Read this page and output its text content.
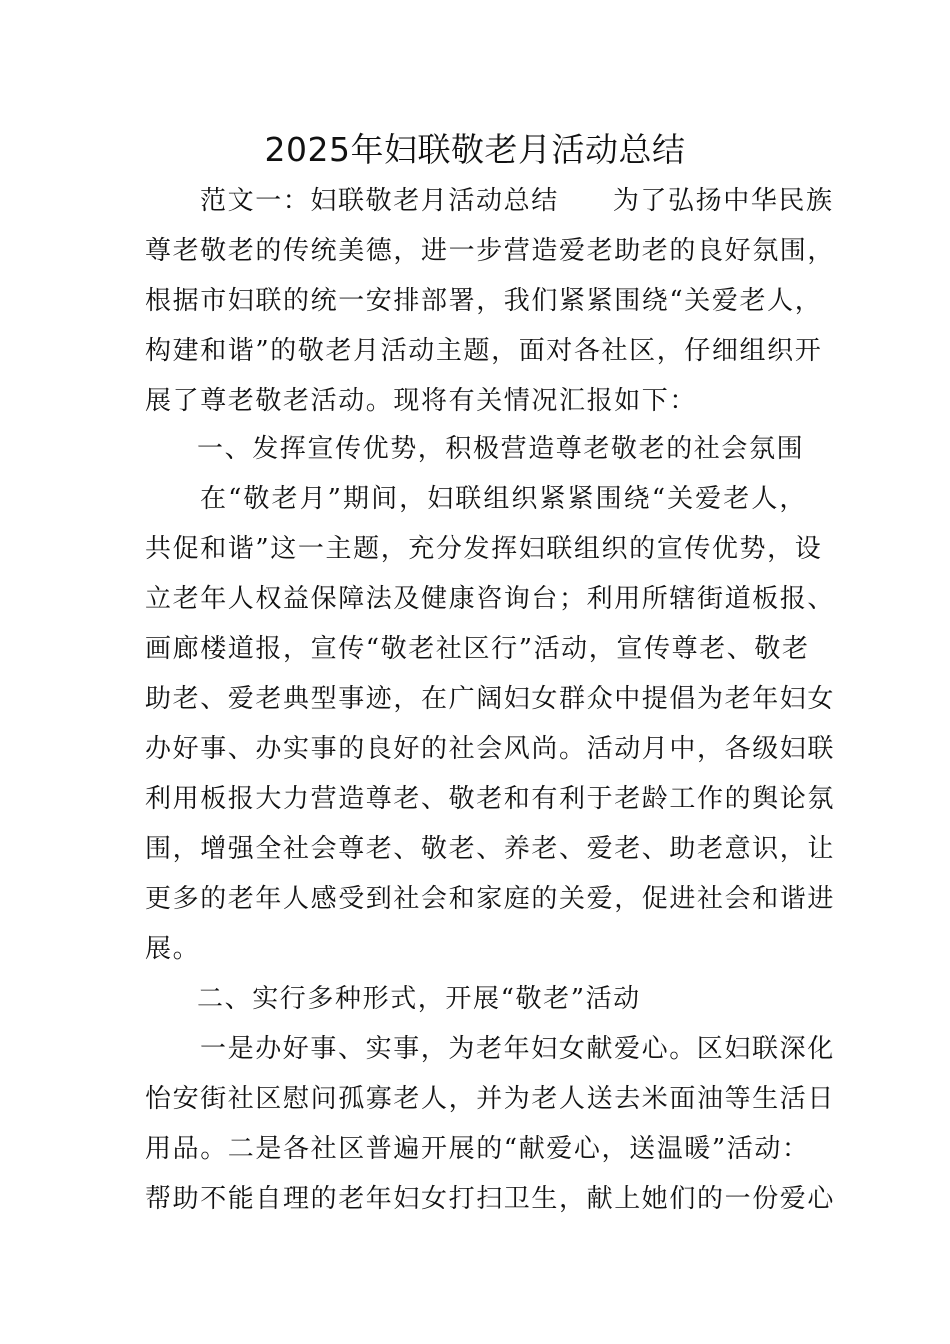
2025年妇联敬老月活动总结
范文一：妇联敬老月活动总结 为了弘扬中华民族
尊老敬老的传统美德，进一步营造爱老助老的良好氛围，
根据市妇联的统一安排部署，我们紧紧围绕“关爱老人，
构建和谐”的敬老月活动主题，面对各社区，仔细组织开
展了尊老敬老活动。现将有关情况汇报如下：
一、发挥宣传优势，积极营造尊老敬老的社会氛围
在“敬老月”期间，妇联组织紧紧围绕“关爱老人，
共促和谐”这一主题，充分发挥妇联组织的宣传优势，设
立老年人权益保障法及健康咨询台；利用所辖街道板报、
画廊楼道报，宣传“敬老社区行”活动，宣传尊老、敬老
助老、爱老典型事迹，在广阔妇女群众中提倡为老年妇女
办好事、办实事的良好的社会风尚。活动月中，各级妇联
利用板报大力营造尊老、敬老和有利于老龄工作的舆论氛
围，增强全社会尊老、敬老、养老、爱老、助老意识，让
更多的老年人感受到社会和家庭的关爱，促进社会和谐进
展。
二、实行多种形式，开展“敬老”活动
一是办好事、实事，为老年妇女献爱心。区妇联深化
怡安街社区慰问孤寡老人，并为老人送去米面油等生活日
用品。二是各社区普遍开展的“献爱心，送温暖”活动：
帮助不能自理的老年妇女打扫卫生，献上她们的一份爱心
